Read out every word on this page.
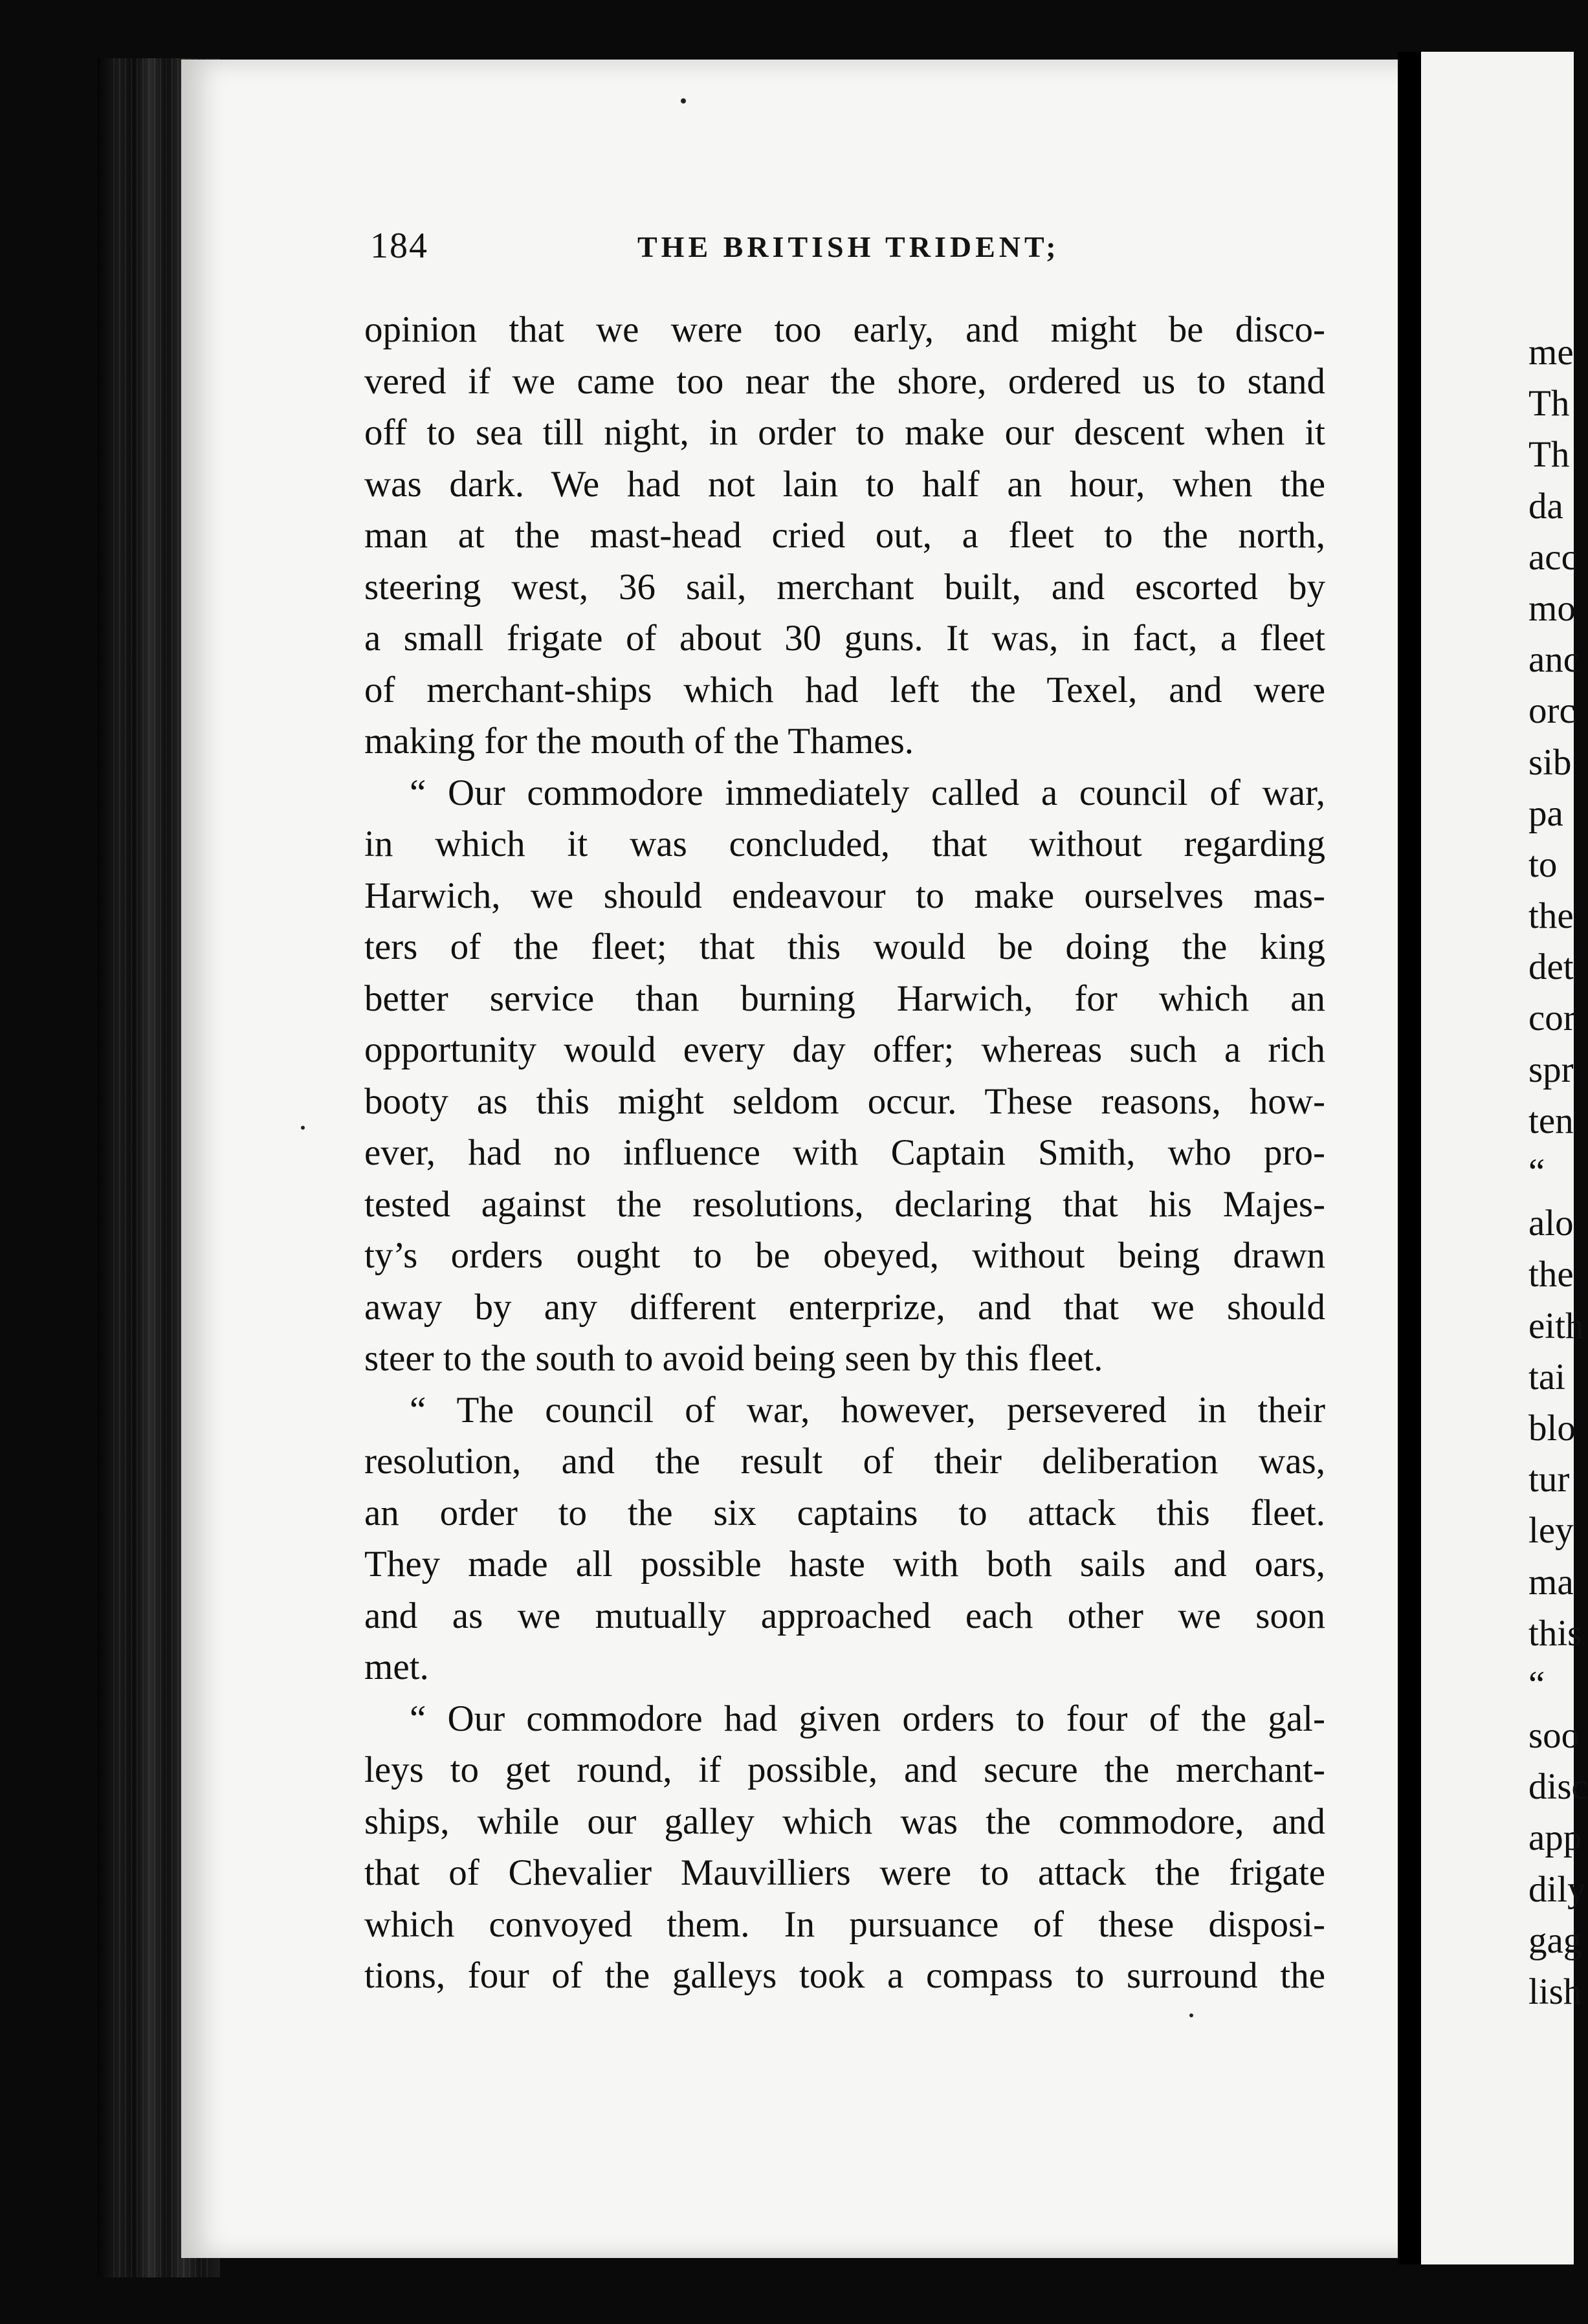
184	THE BRITISH TRIDENT;
opinion that we were too early, and might be disco-
vered if we came too near the shore, ordered us to stand
off to sea till night, in order to make our descent when it
was dark. We had not lain to half an hour, when the
man at the mast-head cried out, a fleet to the north,
steering west, 36 sail, merchant built, and escorted by
a small frigate of about 30 guns. It was, in fact, a fleet
of merchant-ships which had left the Texel, and were
making for the mouth of the Thames.
“ Our commodore immediately called a council of war,
in which it was concluded, that without regarding
Harwich, we should endeavour to make ourselves mas-
ters of the fleet; that this would be doing the king
better service than burning Harwich, for which an
opportunity would every day offer; whereas such a rich
booty as this might seldom occur. These reasons, how-
ever, had no influence with Captain Smith, who pro-
tested against the resolutions, declaring that his Majes-
ty’s orders ought to be obeyed, without being drawn
away by any different enterprize, and that we should
steer to the south to avoid being seen by this fleet.
“ The council of war, however, persevered in their
resolution, and the result of their deliberation was,
an order to the six captains to attack this fleet.
They made all possible haste with both sails and oars,
and as we mutually approached each other we soon
met.
“ Our commodore had given orders to four of the gal-
leys to get round, if possible, and secure the merchant-
ships, while our galley which was the commodore, and
that of Chevalier Mauvilliers were to attack the frigate
which convoyed them. In pursuance of these disposi-
tions, four of the galleys took a compass to surround the
me
Th
Th
da
acc
mo
anc
orc
sib
pa
to
the
det
cor
spr
ten
“
alo
the
eith
tai
blo
tur
ley
ma
this
“
soo
disc
app
dily
gag
lish
